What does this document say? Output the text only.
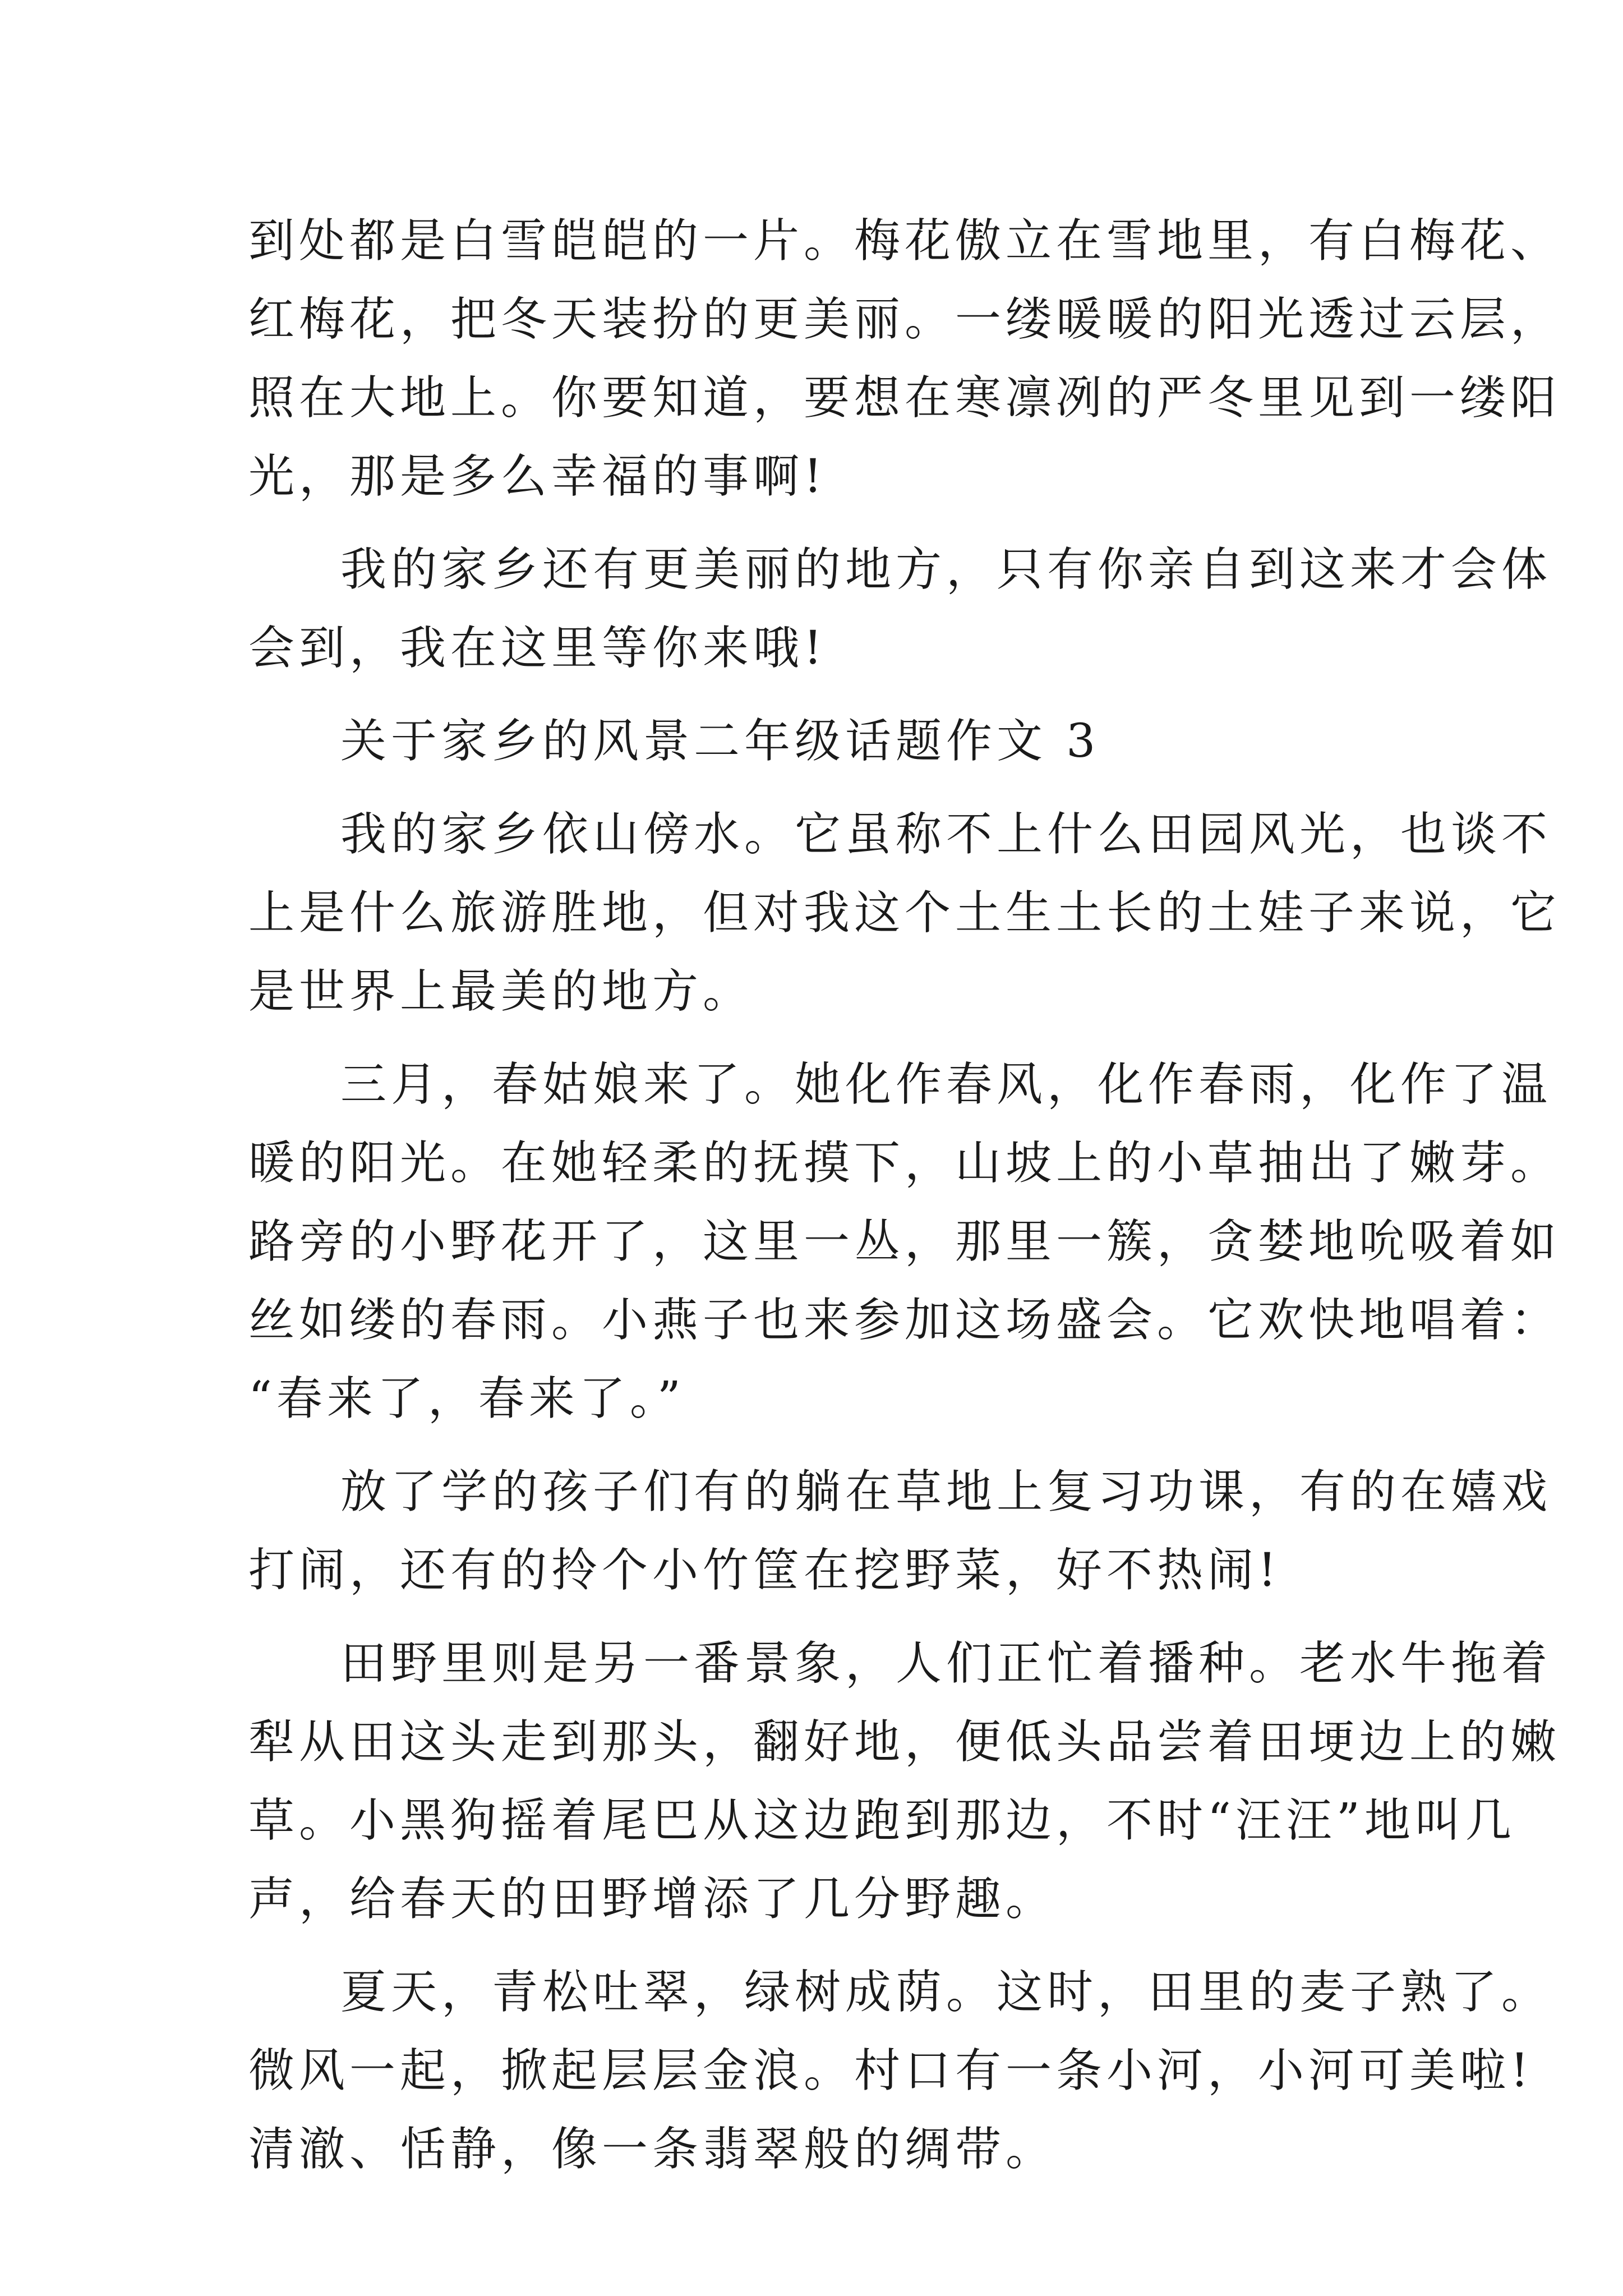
到处都是白雪皑皑的一片。梅花傲立在雪地里，有白梅花、
红梅花，把冬天装扮的更美丽。一缕暖暖的阳光透过云层，
照在大地上。你要知道，要想在寒凛冽的严冬里见到一缕阳
光，那是多么幸福的事啊!
我的家乡还有更美丽的地方，只有你亲自到这来才会体
会到，我在这里等你来哦!
关于家乡的风景二年级话题作文 3
我的家乡依山傍水。它虽称不上什么田园风光，也谈不
上是什么旅游胜地，但对我这个土生土长的土娃子来说，它
是世界上最美的地方。
三月，春姑娘来了。她化作春风，化作春雨，化作了温
暖的阳光。在她轻柔的抚摸下，山坡上的小草抽出了嫩芽。
路旁的小野花开了，这里一丛，那里一簇，贪婪地吮吸着如
丝如缕的春雨。小燕子也来参加这场盛会。它欢快地唱着：
“春来了，春来了。”
放了学的孩子们有的躺在草地上复习功课，有的在嬉戏
打闹，还有的拎个小竹筐在挖野菜，好不热闹!
田野里则是另一番景象，人们正忙着播种。老水牛拖着
犁从田这头走到那头，翻好地，便低头品尝着田埂边上的嫩
草。小黑狗摇着尾巴从这边跑到那边，不时“汪汪”地叫几
声，给春天的田野增添了几分野趣。
夏天，青松吐翠，绿树成荫。这时，田里的麦子熟了。
微风一起，掀起层层金浪。村口有一条小河，小河可美啦!
清澈、恬静，像一条翡翠般的绸带。
